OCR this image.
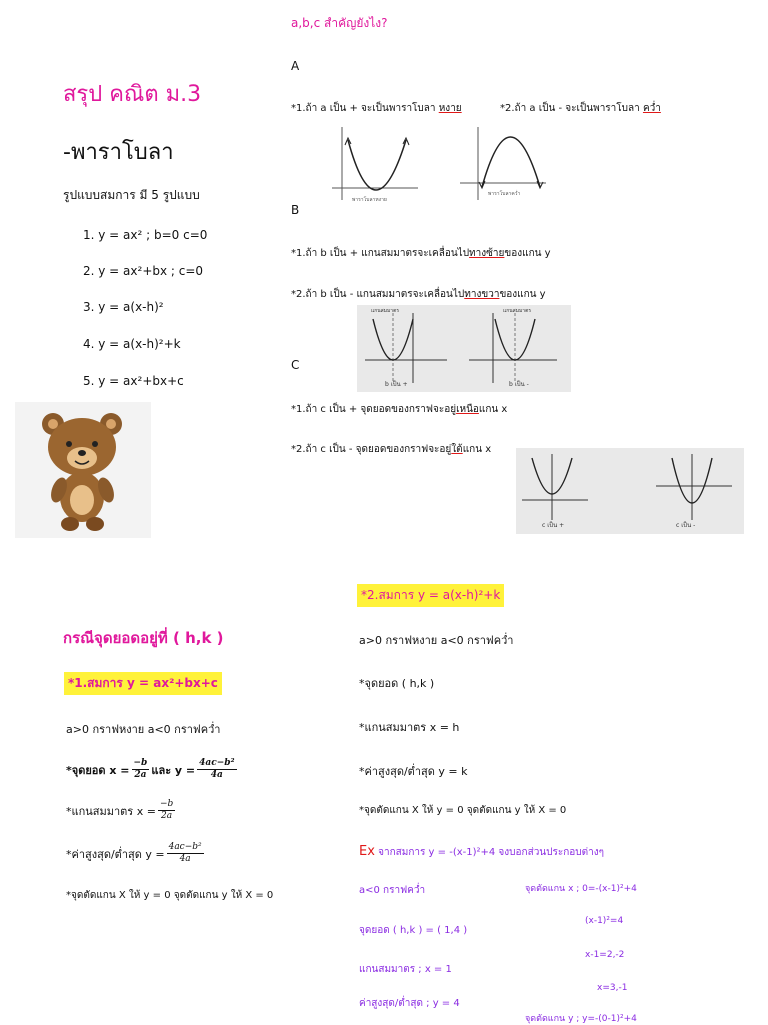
a,b,c สำคัญยังไง?
สรุป คณิต ม.3
-พาราโบลา
รูปแบบสมการ มี 5 รูปแบบ
1. y = ax² ; b=0 c=0
2. y = ax²+bx ; c=0
3. y = a(x-h)²
4. y = a(x-h)²+k
5. y = ax²+bx+c
A
*1.ถ้า a เป็น + จะเป็นพาราโบลา หงาย	*2.ถ้า a เป็น - จะเป็นพาราโบลา คว่ำ
พาราโบลาหงาย
พาราโบลาคว่ำ
B
*1.ถ้า b เป็น + แกนสมมาตรจะเคลื่อนไปทางซ้ายของแกน y
*2.ถ้า b เป็น - แกนสมมาตรจะเคลื่อนไปทางขวาของแกน y
แกนสมมาตร	แกนสมมาตร
b เป็น +	b เป็น -
C
*1.ถ้า c เป็น + จุดยอดของกราฟจะอยู่เหนือแกน x
*2.ถ้า c เป็น - จุดยอดของกราฟจะอยู่ใต้แกน x
c เป็น +	c เป็น -
กรณีจุดยอดอยู่ที่ ( h,k )
*1.สมการ y = ax²+bx+c
a>0 กราฟหงาย a<0 กราฟคว่ำ
*จุดยอด $x = \frac{-b}{2a}$ และ $y = \frac{\text{4ac−b²}}{4a}$
*แกนสมมาตร $x = \frac{-b}{2a}$
*ค่าสูงสุด/ต่ำสุด $y = \frac{\text{4ac−b²}}{4a}$
*จุดตัดแกน X ให้ y = 0 จุดตัดแกน y ให้ X = 0
*2.สมการ y = a(x-h)²+k
a>0 กราฟหงาย a<0 กราฟคว่ำ
*จุดยอด ( h,k )
*แกนสมมาตร x = h
*ค่าสูงสุด/ต่ำสุด y = k
*จุดตัดแกน X ให้ y = 0 จุดตัดแกน y ให้ X = 0
Ex จากสมการ y = -(x-1)²+4 จงบอกส่วนประกอบต่างๆ
a<0 กราฟคว่ำ
จุดยอด ( h,k ) = ( 1,4 )
แกนสมมาตร ; x = 1
ค่าสูงสุด/ต่ำสุด ; y = 4
จุดตัดแกน x ; 0=-(x-1)²+4
(x-1)²=4
x-1=2,-2
x=3,-1
จุดตัดแกน y ; y=-(0-1)²+4
